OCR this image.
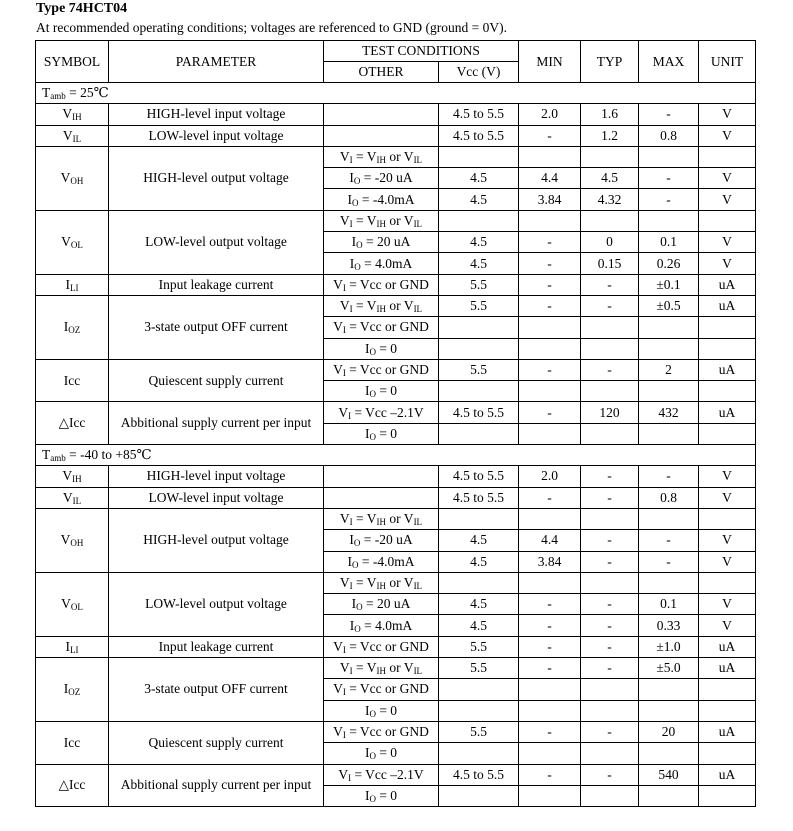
Type 74HCT04
At recommended operating conditions; voltages are referenced to GND (ground = 0V).
SYMBOL	PARAMETER	TEST CONDITIONS		MIN	TYP	MAX	UNIT
		OTHER	Vcc (V)				
$T_{amb}$ = 25℃							
$V_{IH}$	HIGH-level input voltage		4.5 to 5.5	2.0	1.6	-	V
$V_{IL}$	LOW-level input voltage		4.5 to 5.5	-	1.2	0.8	V
$V_{OH}$	HIGH-level output voltage	$V_I = V_{IH}$ or $V_{IL}$					
		$I_O = -20$ uA	4.5	4.4	4.5	-	V
		$I_O = -4.0mA$	4.5	3.84	4.32	-	V
$V_{OL}$	LOW-level output voltage	$V_I = V_{IH}$ or $V_{IL}$					
		$I_O = 20$ uA	4.5	-	0	0.1	V
		$I_O = 4.0mA$	4.5	-	0.15	0.26	V
$I_{LI}$	Input leakage current	$V_I$ = Vcc or GND	5.5	-	-	±0.1	uA
$I_{OZ}$	3-state output OFF current	$V_I = V_{IH}$ or $V_{IL}$	5.5	-	-	±0.5	uA
		$V_I$ = Vcc or GND					
		$I_O = 0$					
Icc	Quiescent supply current	$V_I$ = Vcc or GND	5.5	-	-	2	uA
		$I_O = 0$					
△Icc	Abbitional supply current per input	$V_I$ = Vcc –2.1V	4.5 to 5.5	-	120	432	uA
		$I_O = 0$					
$T_{amb} = -40$ to +85℃							
$V_{IH}$	HIGH-level input voltage		4.5 to 5.5	2.0	-	-	V
$V_{IL}$	LOW-level input voltage		4.5 to 5.5	-	-	0.8	V
$V_{OH}$	HIGH-level output voltage	$V_I = V_{IH}$ or $V_{IL}$					
		$I_O = -20$ uA	4.5	4.4	-	-	V
		$I_O = -4.0mA$	4.5	3.84	-	-	V
$V_{OL}$	LOW-level output voltage	$V_I = V_{IH}$ or $V_{IL}$					
		$I_O = 20$ uA	4.5	-	-	0.1	V
		$I_O = 4.0mA$	4.5	-	-	0.33	V
$I_{LI}$	Input leakage current	$V_I$ = Vcc or GND	5.5	-	-	±1.0	uA
$I_{OZ}$	3-state output OFF current	$V_I = V_{IH}$ or $V_{IL}$	5.5	-	-	±5.0	uA
		$V_I$ = Vcc or GND					
		$I_O = 0$					
Icc	Quiescent supply current	$V_I$ = Vcc or GND	5.5	-	-	20	uA
		$I_O = 0$					
△Icc	Abbitional supply current per input	$V_I$ = Vcc –2.1V	4.5 to 5.5	-	-	540	uA
		$I_O = 0$					
